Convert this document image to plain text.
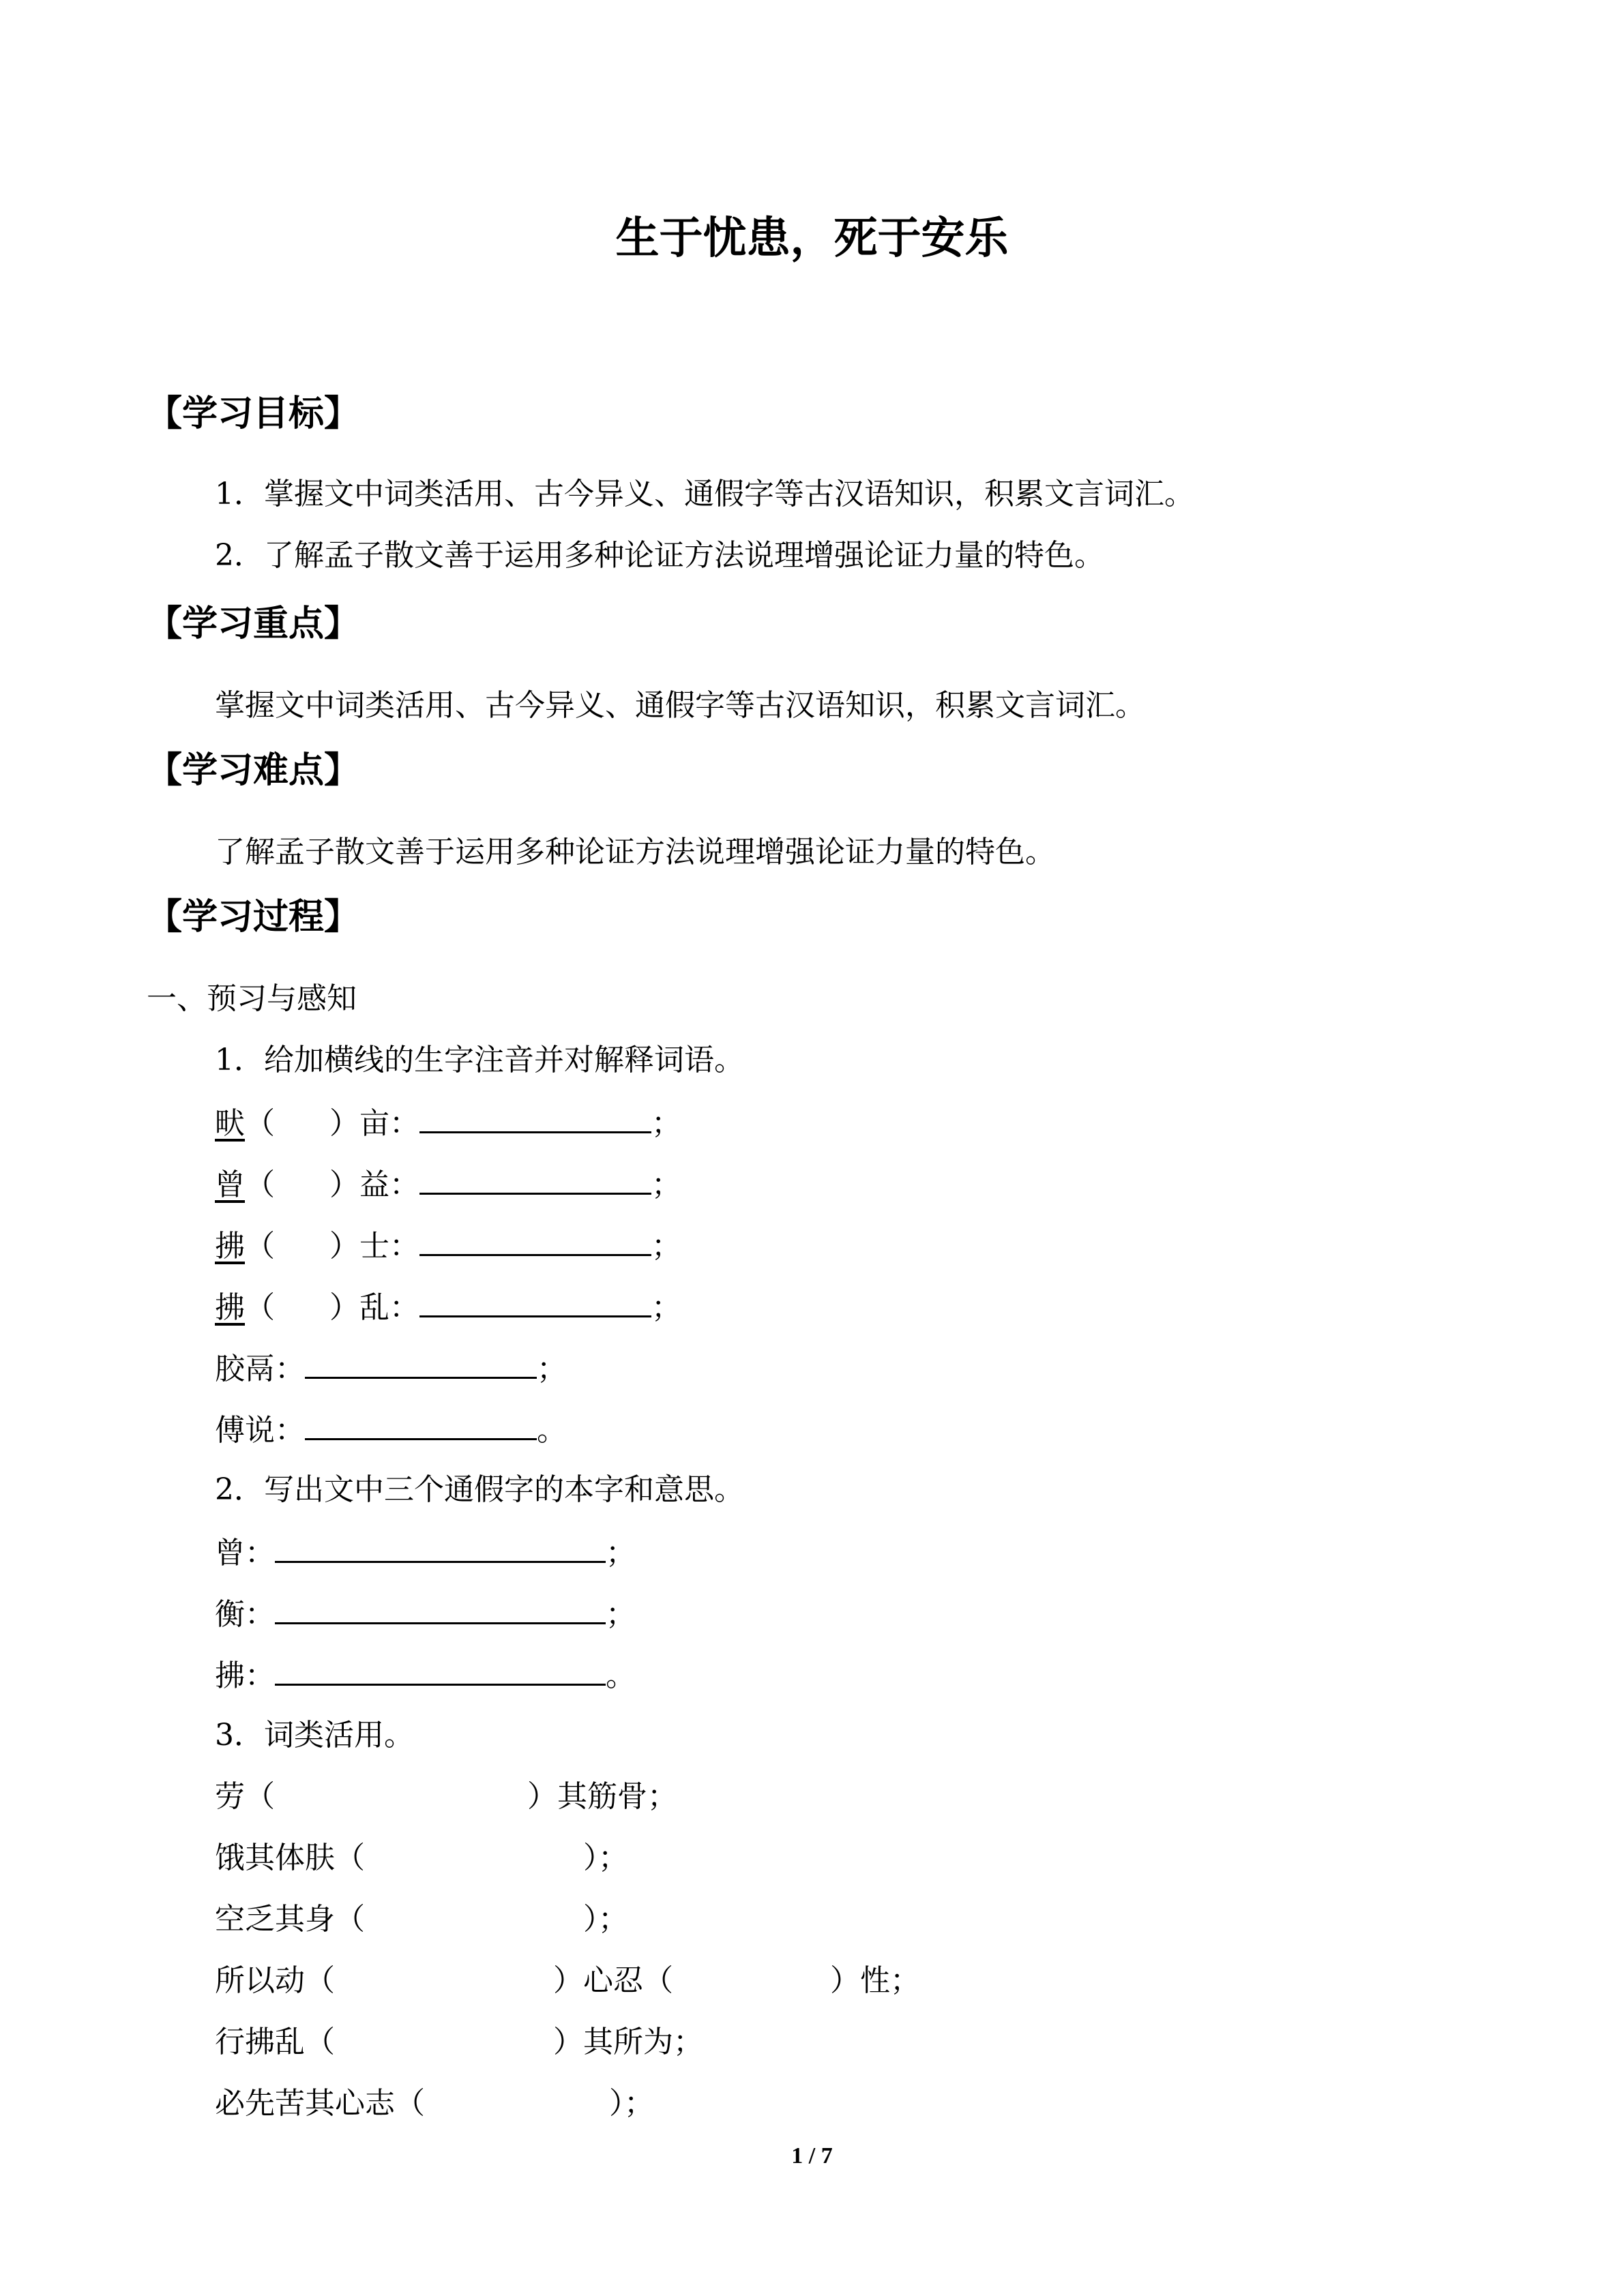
生于忧患，死于安乐
【学习目标】
1．掌握文中词类活用、古今异义、通假字等古汉语知识，积累文言词汇。
2．了解孟子散文善于运用多种论证方法说理增强论证力量的特色。
【学习重点】
掌握文中词类活用、古今异义、通假字等古汉语知识，积累文言词汇。
【学习难点】
了解孟子散文善于运用多种论证方法说理增强论证力量的特色。
【学习过程】
一、预习与感知
1．给加横线的生字注音并对解释词语。
畎（ ）亩：	；
曾（ ）益：	；
拂（ ）士：	；
拂（ ）乱：	；
胶鬲：	；
傅说：	。
2．写出文中三个通假字的本字和意思。
曾：	；
衡：	；
拂：	。
3．词类活用。
劳（	）其筋骨；
饿其体肤（	）；
空乏其身（	）；
所以动（	）心忍（	）性；
行拂乱（	）其所为；
必先苦其心志（	）；
1 / 7
